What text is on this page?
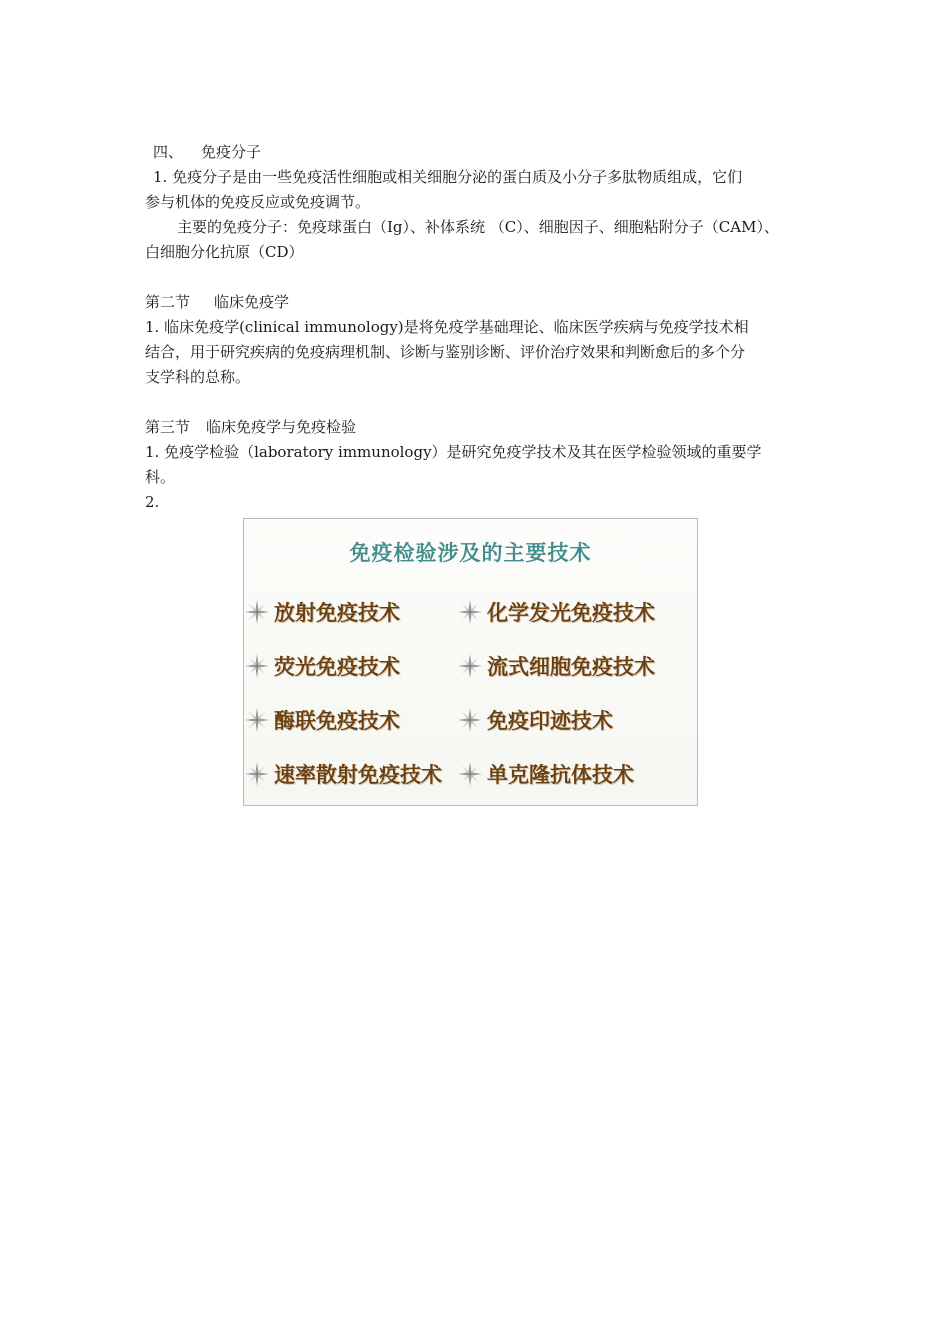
四、 免疫分子

1. 免疫分子是由一些免疫活性细胞或相关细胞分泌的蛋白质及小分子多肽物质组成，它们

参与机体的免疫反应或免疫调节。

主要的免疫分子：免疫球蛋白（Ig）、补体系统 （C）、细胞因子、细胞粘附分子（CAM）、

白细胞分化抗原（CD）

第二节 临床免疫学

1. 临床免疫学(clinical immunology)是将免疫学基础理论、临床医学疾病与免疫学技术相

结合，用于研究疾病的免疫病理机制、诊断与鉴别诊断、评价治疗效果和判断愈后的多个分

支学科的总称。

第三节 临床免疫学与免疫检验

1. 免疫学检验（laboratory immunology）是研究免疫学技术及其在医学检验领域的重要学

科。

2.

免疫检验涉及的主要技术
放射免疫技术
荧光免疫技术
酶联免疫技术
速率散射免疫技术
化学发光免疫技术
流式细胞免疫技术
免疫印迹技术
单克隆抗体技术
